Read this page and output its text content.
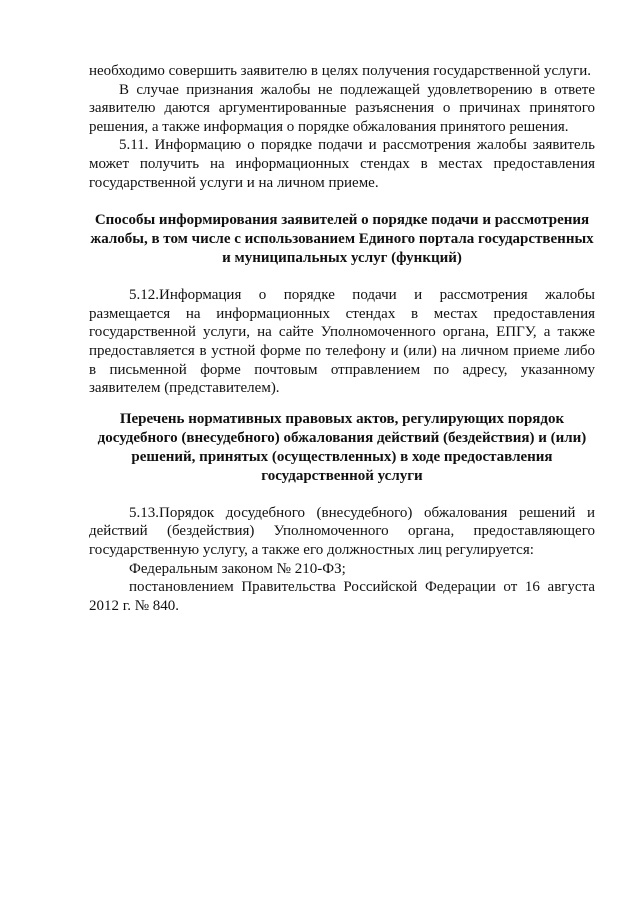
необходимо совершить заявителю в целях получения государственной услуги.

В случае признания жалобы не подлежащей удовлетворению в ответе заявителю даются аргументированные разъяснения о причинах принятого решения, а также информация о порядке обжалования принятого решения.

5.11. Информацию о порядке подачи и рассмотрения жалобы заявитель может получить на информационных стендах в местах предоставления государственной услуги и на личном приеме.

Способы информирования заявителей о порядке подачи и рассмотрения жалобы, в том числе с использованием Единого портала государственных и муниципальных услуг (функций)

5.12.Информация о порядке подачи и рассмотрения жалобы размещается на информационных стендах в местах предоставления государственной услуги, на сайте Уполномоченного органа, ЕПГУ, а также предоставляется в устной форме по телефону и (или) на личном приеме либо в письменной форме почтовым отправлением по адресу, указанному заявителем (представителем).

Перечень нормативных правовых актов, регулирующих порядок досудебного (внесудебного) обжалования действий (бездействия) и (или) решений, принятых (осуществленных) в ходе предоставления государственной услуги

5.13.Порядок досудебного (внесудебного) обжалования решений и действий (бездействия) Уполномоченного органа, предоставляющего государственную услугу, а также его должностных лиц регулируется:

Федеральным законом № 210-ФЗ;

постановлением Правительства Российской Федерации от 16 августа 2012 г. № 840.
